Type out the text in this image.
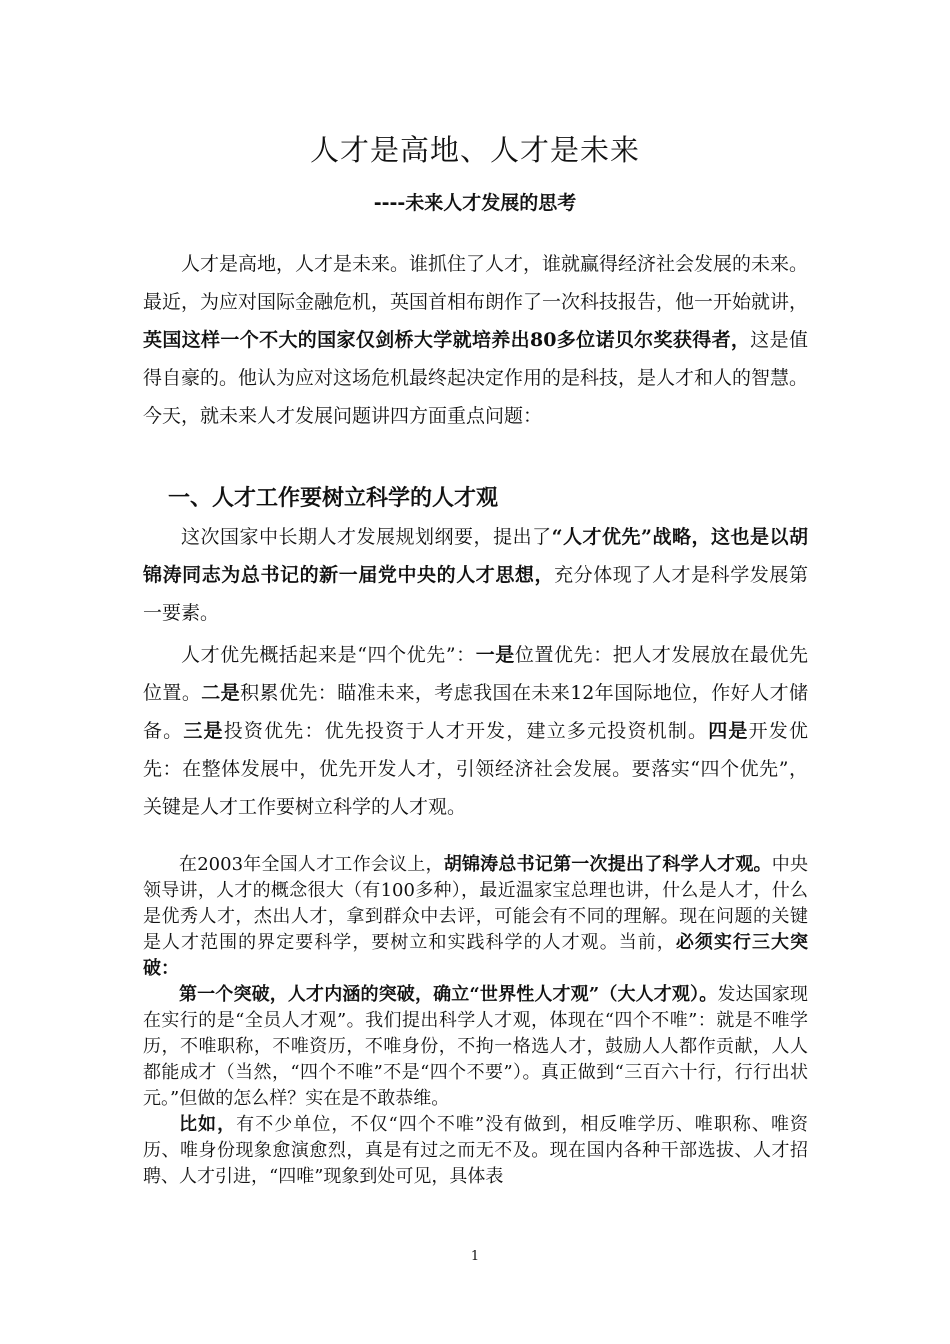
人才是高地、人才是未来
----未来人才发展的思考

人才是高地，人才是未来。谁抓住了人才，谁就赢得经济社会发展的未来。最近，为应对国际金融危机，英国首相布朗作了一次科技报告，他一开始就讲，英国这样一个不大的国家仅剑桥大学就培养出80多位诺贝尔奖获得者，这是值得自豪的。他认为应对这场危机最终起决定作用的是科技，是人才和人的智慧。今天，就未来人才发展问题讲四方面重点问题：

一、人才工作要树立科学的人才观

这次国家中长期人才发展规划纲要，提出了“人才优先”战略，这也是以胡锦涛同志为总书记的新一届党中央的人才思想，充分体现了人才是科学发展第一要素。

人才优先概括起来是“四个优先”：一是位置优先：把人才发展放在最优先位置。二是积累优先：瞄准未来，考虑我国在未来12年国际地位，作好人才储备。三是投资优先：优先投资于人才开发，建立多元投资机制。四是开发优先：在整体发展中，优先开发人才，引领经济社会发展。要落实“四个优先”，关键是人才工作要树立科学的人才观。

在2003年全国人才工作会议上，胡锦涛总书记第一次提出了科学人才观。中央领导讲，人才的概念很大（有100多种），最近温家宝总理也讲，什么是人才，什么是优秀人才，杰出人才，拿到群众中去评，可能会有不同的理解。现在问题的关键是人才范围的界定要科学，要树立和实践科学的人才观。当前，必须实行三大突破：

第一个突破，人才内涵的突破，确立“世界性人才观”（大人才观）。发达国家现在实行的是“全员人才观”。我们提出科学人才观，体现在“四个不唯”：就是不唯学历，不唯职称，不唯资历，不唯身份，不拘一格选人才，鼓励人人都作贡献，人人都能成才（当然，“四个不唯”不是“四个不要”）。真正做到“三百六十行，行行出状元。”但做的怎么样？实在是不敢恭维。

比如，有不少单位，不仅“四个不唯”没有做到，相反唯学历、唯职称、唯资历、唯身份现象愈演愈烈，真是有过之而无不及。现在国内各种干部选拔、人才招聘、人才引进，“四唯”现象到处可见，具体表

1
